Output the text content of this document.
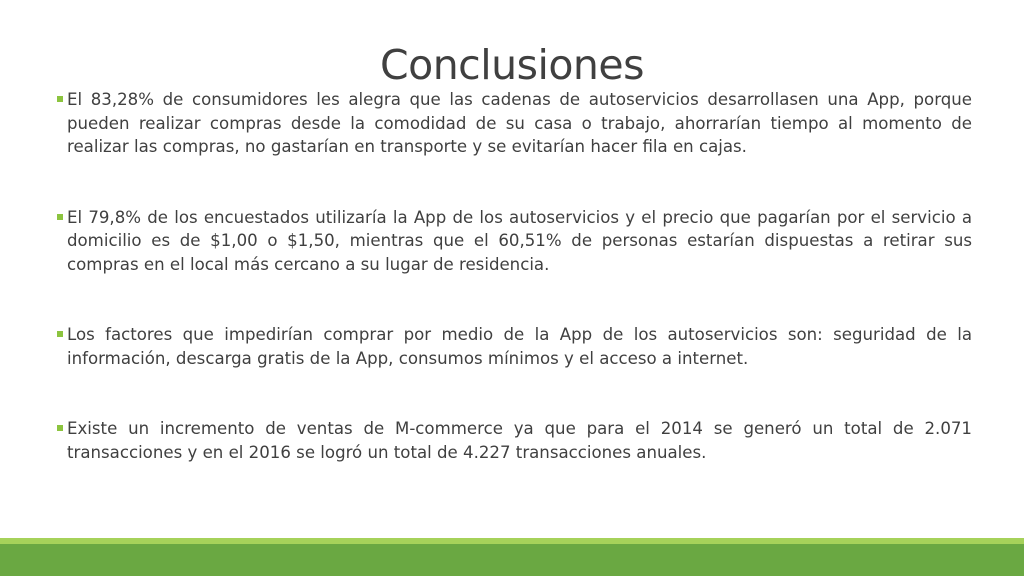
Conclusiones
El 83,28% de consumidores les alegra que las cadenas de autoservicios desarrollasen una App, porque pueden realizar compras desde la comodidad de su casa o trabajo, ahorrarían tiempo al momento de realizar las compras, no gastarían en transporte y se evitarían hacer fila en cajas.
El 79,8% de los encuestados utilizaría la App de los autoservicios y el precio que pagarían por el servicio a domicilio es de $1,00 o $1,50, mientras que el 60,51% de personas estarían dispuestas a retirar sus compras en el local más cercano a su lugar de residencia.
Los factores que impedirían comprar por medio de la App de los autoservicios son: seguridad de la información, descarga gratis de la App, consumos mínimos y el acceso a internet.
Existe un incremento de ventas de M-commerce ya que para el 2014 se generó un total de 2.071 transacciones y en el 2016 se logró un total de 4.227 transacciones anuales.
